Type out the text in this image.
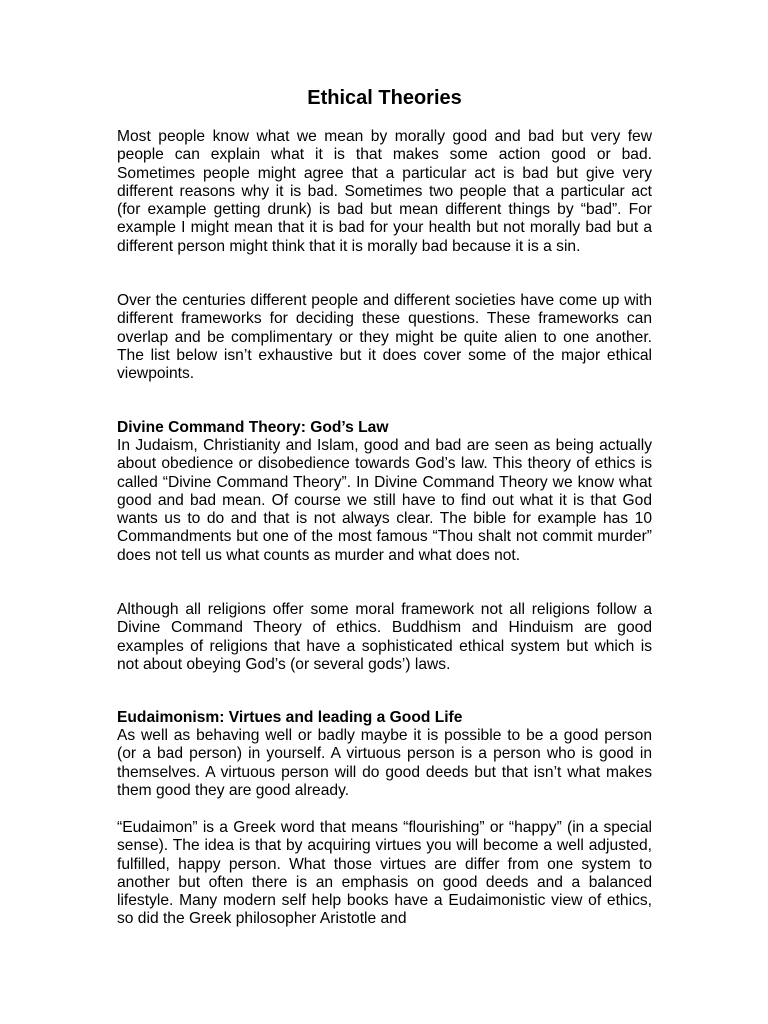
Ethical Theories

Most people know what we mean by morally good and bad but very few people can explain what it is that makes some action good or bad. Sometimes people might agree that a particular act is bad but give very different reasons why it is bad. Sometimes two people that a particular act (for example getting drunk) is bad but mean different things by “bad”. For example I might mean that it is bad for your health but not morally bad but a different person might think that it is morally bad because it is a sin.

Over the centuries different people and different societies have come up with different frameworks for deciding these questions. These frameworks can overlap and be complimentary or they might be quite alien to one another. The list below isn’t exhaustive but it does cover some of the major ethical viewpoints.

Divine Command Theory: God’s Law

In Judaism, Christianity and Islam, good and bad are seen as being actually about obedience or disobedience towards God’s law. This theory of ethics is called “Divine Command Theory”. In Divine Command Theory we know what good and bad mean. Of course we still have to find out what it is that God wants us to do and that is not always clear. The bible for example has 10 Commandments but one of the most famous “Thou shalt not commit murder” does not tell us what counts as murder and what does not.

Although all religions offer some moral framework not all religions follow a Divine Command Theory of ethics. Buddhism and Hinduism are good examples of religions that have a sophisticated ethical system but which is not about obeying God’s (or several gods’) laws.

Eudaimonism: Virtues and leading a Good Life

As well as behaving well or badly maybe it is possible to be a good person (or a bad person) in yourself. A virtuous person is a person who is good in themselves. A virtuous person will do good deeds but that isn’t what makes them good they are good already.

“Eudaimon” is a Greek word that means “flourishing” or “happy” (in a special sense). The idea is that by acquiring virtues you will become a well adjusted, fulfilled, happy person. What those virtues are differ from one system to another but often there is an emphasis on good deeds and a balanced lifestyle. Many modern self help books have a Eudaimonistic view of ethics, so did the Greek philosopher Aristotle and
